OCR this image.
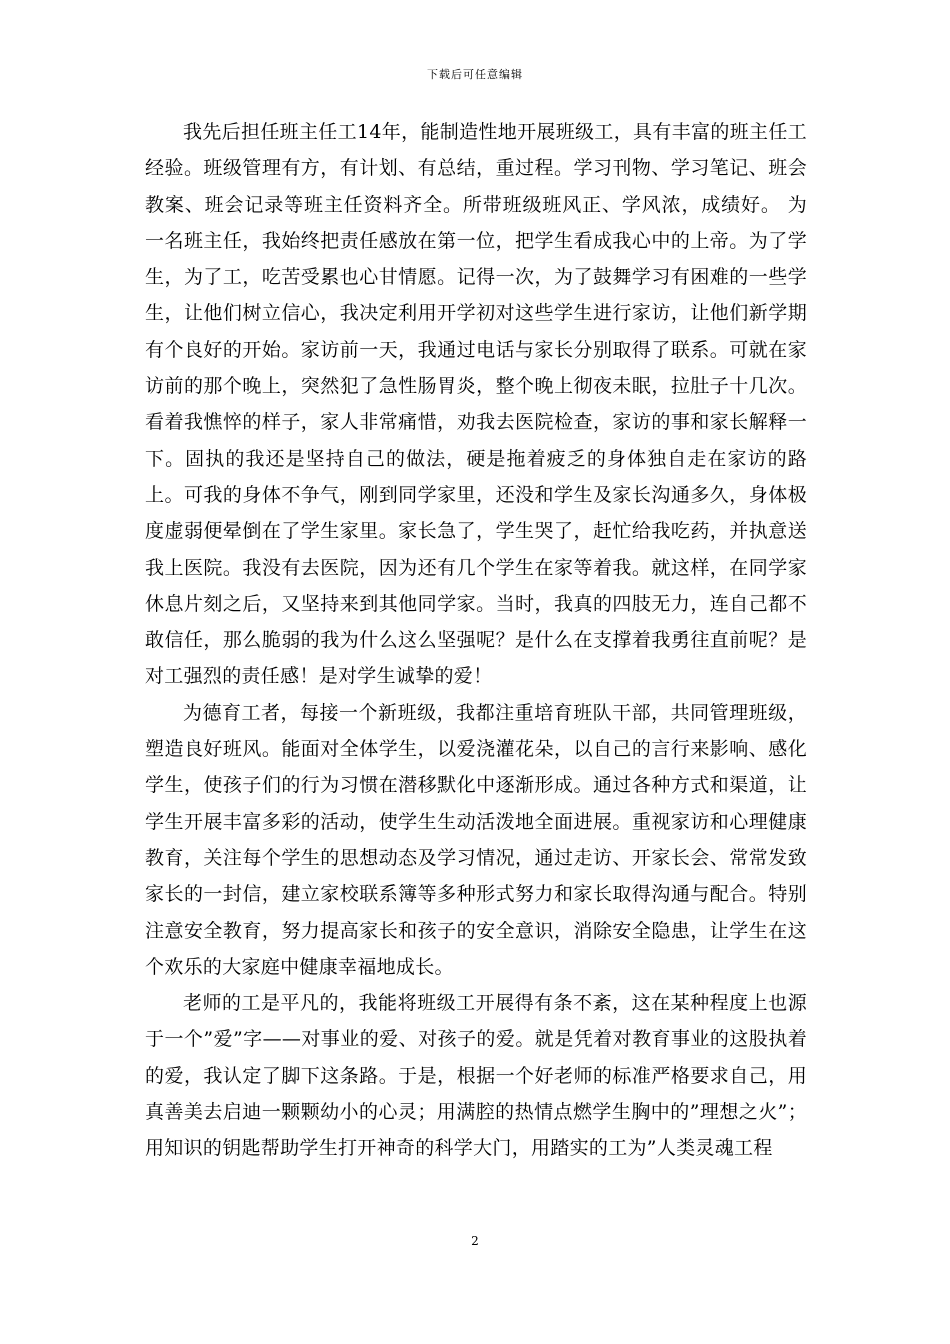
下载后可任意编辑

我先后担任班主任工14年，能制造性地开展班级工，具有丰富的班主任工经验。班级管理有方，有计划、有总结，重过程。学习刊物、学习笔记、班会教案、班会记录等班主任资料齐全。所带班级班风正、学风浓，成绩好。 为一名班主任，我始终把责任感放在第一位，把学生看成我心中的上帝。为了学生，为了工，吃苦受累也心甘情愿。记得一次，为了鼓舞学习有困难的一些学生，让他们树立信心，我决定利用开学初对这些学生进行家访，让他们新学期有个良好的开始。家访前一天，我通过电话与家长分别取得了联系。可就在家访前的那个晚上，突然犯了急性肠胃炎，整个晚上彻夜未眠，拉肚子十几次。看着我憔悴的样子，家人非常痛惜，劝我去医院检查，家访的事和家长解释一下。固执的我还是坚持自己的做法，硬是拖着疲乏的身体独自走在家访的路上。可我的身体不争气，刚到同学家里，还没和学生及家长沟通多久，身体极度虚弱便晕倒在了学生家里。家长急了，学生哭了，赶忙给我吃药，并执意送我上医院。我没有去医院，因为还有几个学生在家等着我。就这样，在同学家休息片刻之后，又坚持来到其他同学家。当时，我真的四肢无力，连自己都不敢信任，那么脆弱的我为什么这么坚强呢？是什么在支撑着我勇往直前呢？是对工强烈的责任感！是对学生诚挚的爱！

为德育工者，每接一个新班级，我都注重培育班队干部，共同管理班级，塑造良好班风。能面对全体学生，以爱浇灌花朵，以自己的言行来影响、感化学生，使孩子们的行为习惯在潜移默化中逐渐形成。通过各种方式和渠道，让学生开展丰富多彩的活动，使学生生动活泼地全面进展。重视家访和心理健康教育，关注每个学生的思想动态及学习情况，通过走访、开家长会、常常发致家长的一封信，建立家校联系簿等多种形式努力和家长取得沟通与配合。特别注意安全教育，努力提高家长和孩子的安全意识，消除安全隐患，让学生在这个欢乐的大家庭中健康幸福地成长。

老师的工是平凡的，我能将班级工开展得有条不紊，这在某种程度上也源于一个”爱”字——对事业的爱、对孩子的爱。就是凭着对教育事业的这股执着的爱，我认定了脚下这条路。于是，根据一个好老师的标准严格要求自己，用真善美去启迪一颗颗幼小的心灵；用满腔的热情点燃学生胸中的”理想之火”；用知识的钥匙帮助学生打开神奇的科学大门，用踏实的工为”人类灵魂工程

2
